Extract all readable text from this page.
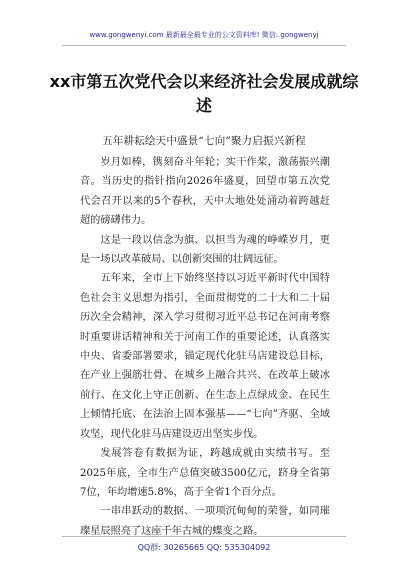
www.gongwenyi.com 最新最全最专业的公文资料库! 微信: gongwenyj
xx市第五次党代会以来经济社会发展成就综述
五年耕耘绘天中盛景“七向”聚力启振兴新程

岁月如棒，镌刻奋斗年轮；实干作桨，激荡振兴潮音。当历史的指针指向2026年盛夏，回望市第五次党代会召开以来的5个春秋，天中大地处处涌动着跨越赶超的磅礴伟力。

这是一段以信念为旗、以担当为魂的峥嵘岁月，更是一场以改革破局、以创新突围的壮阔远征。

五年来，全市上下始终坚持以习近平新时代中国特色社会主义思想为指引，全面贯彻党的二十大和二十届历次全会精神，深入学习贯彻习近平总书记在河南考察时重要讲话精神和关于河南工作的重要论述，认真落实中央、省委部署要求，锚定现代化驻马店建设总目标，在产业上强筋壮骨、在城乡上融合共兴、在改革上破冰前行、在文化上守正创新、在生态上点绿成金、在民生上倾情托底、在法治上固本强基——“七向”齐驱、全域攻坚，现代化驻马店建设迈出坚实步伐。

发展答卷有数据为证，跨越成就由实绩书写。至2025年底，全市生产总值突破3500亿元，跻身全省第7位，年均增速5.8%，高于全省1个百分点。

一串串跃动的数据、一项项沉甸甸的荣誉，如同璀璨星辰照亮了这座千年古城的蝶变之路。

QQ群: 30265665 QQ: 535304092
